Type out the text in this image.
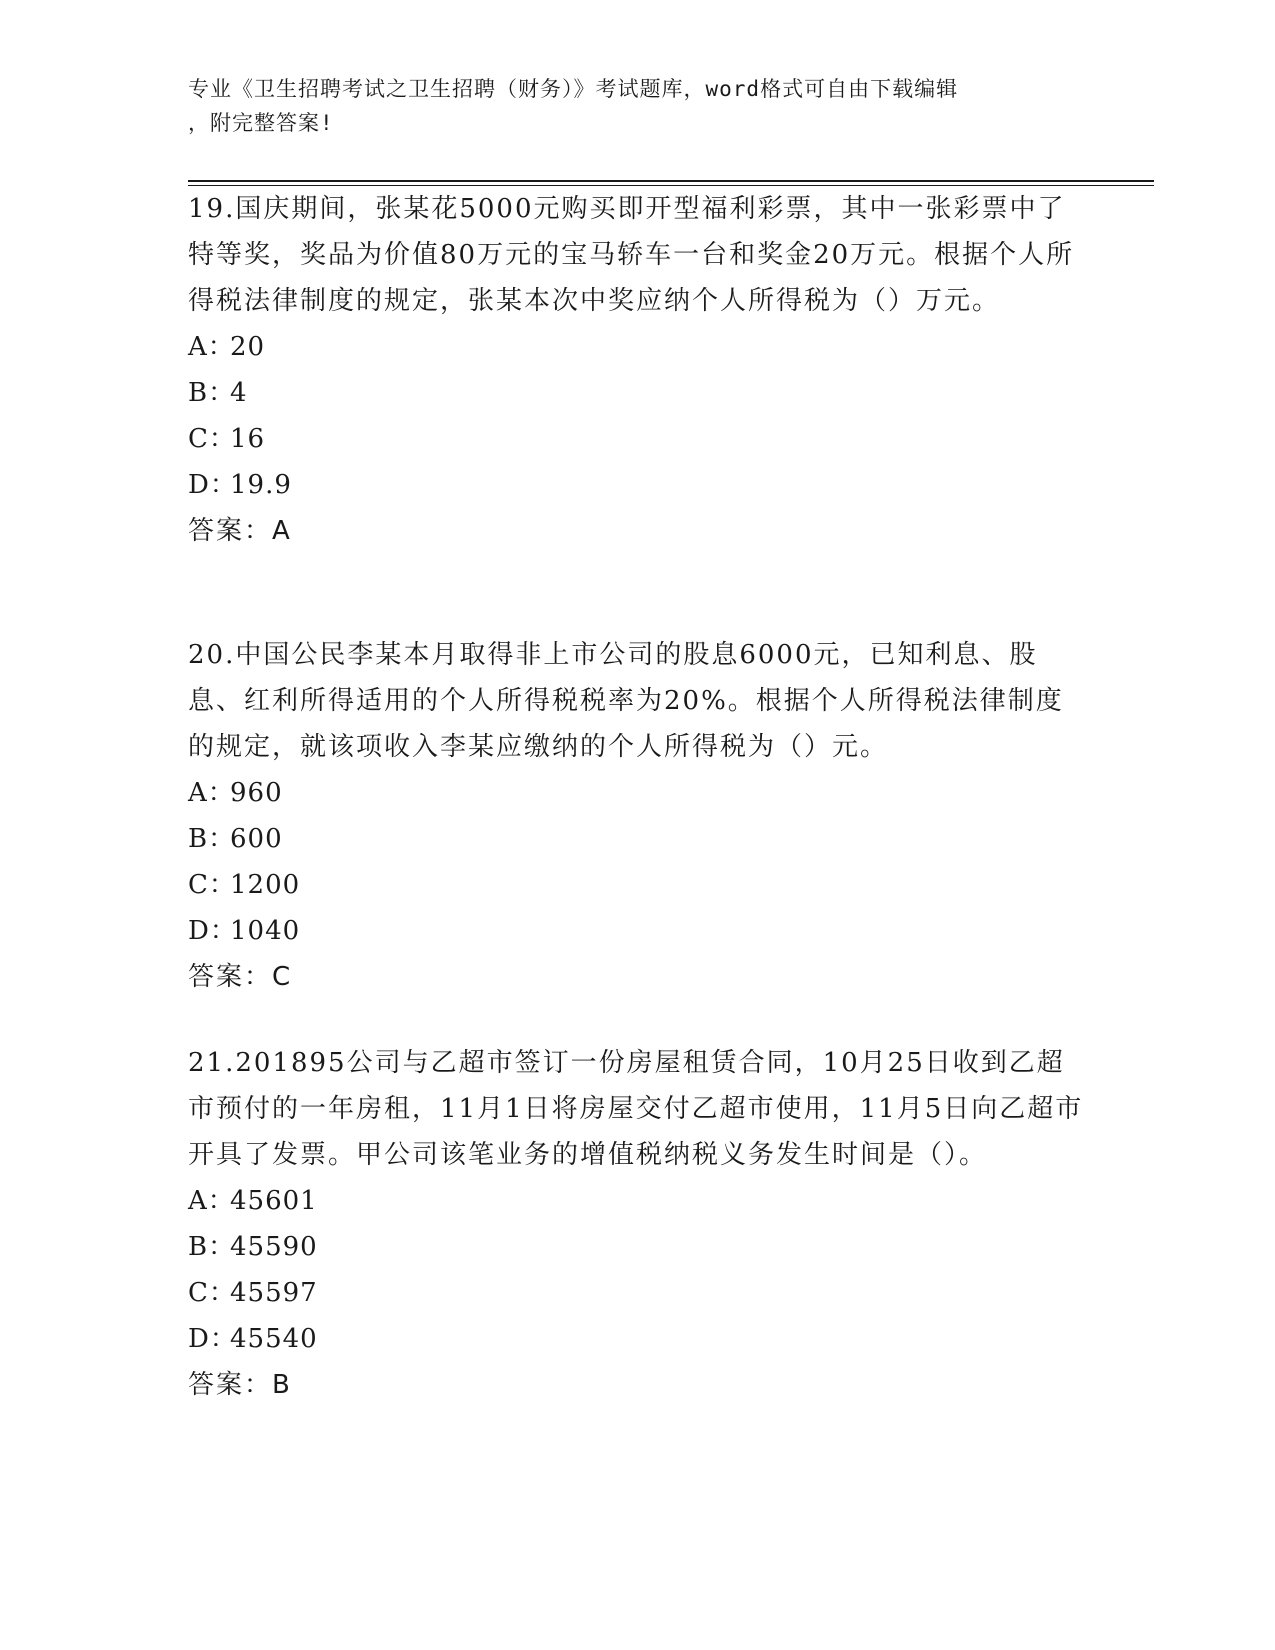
专业《卫生招聘考试之卫生招聘（财务）》考试题库，word格式可自由下载编辑
，附完整答案!

19.国庆期间，张某花5000元购买即开型福利彩票，其中一张彩票中了特等奖，奖品为价值80万元的宝马轿车一台和奖金20万元。根据个人所得税法律制度的规定，张某本次中奖应纳个人所得税为（）万元。

A：20

B：4

C：16

D：19.9

答案：A

20.中国公民李某本月取得非上市公司的股息6000元，已知利息、股息、红利所得适用的个人所得税税率为20%。根据个人所得税法律制度的规定，就该项收入李某应缴纳的个人所得税为（）元。

A：960

B：600

C：1200

D：1040

答案：C

21.201895公司与乙超市签订一份房屋租赁合同，10月25日收到乙超市预付的一年房租，11月1日将房屋交付乙超市使用，11月5日向乙超市开具了发票。甲公司该笔业务的增值税纳税义务发生时间是（）。

A：45601

B：45590

C：45597

D：45540

答案：B
